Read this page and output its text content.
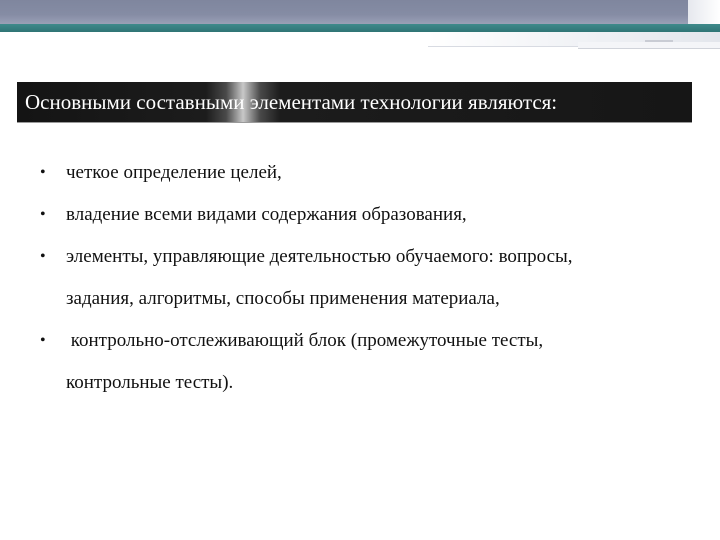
Основными составными элементами технологии являются:
• четкое определение целей,
• владение всеми видами содержания образования,
• элементы, управляющие деятельностью обучаемого: вопросы, задания, алгоритмы, способы применения материала,
• контрольно-отслеживающий блок (промежуточные тесты, контрольные тесты).
